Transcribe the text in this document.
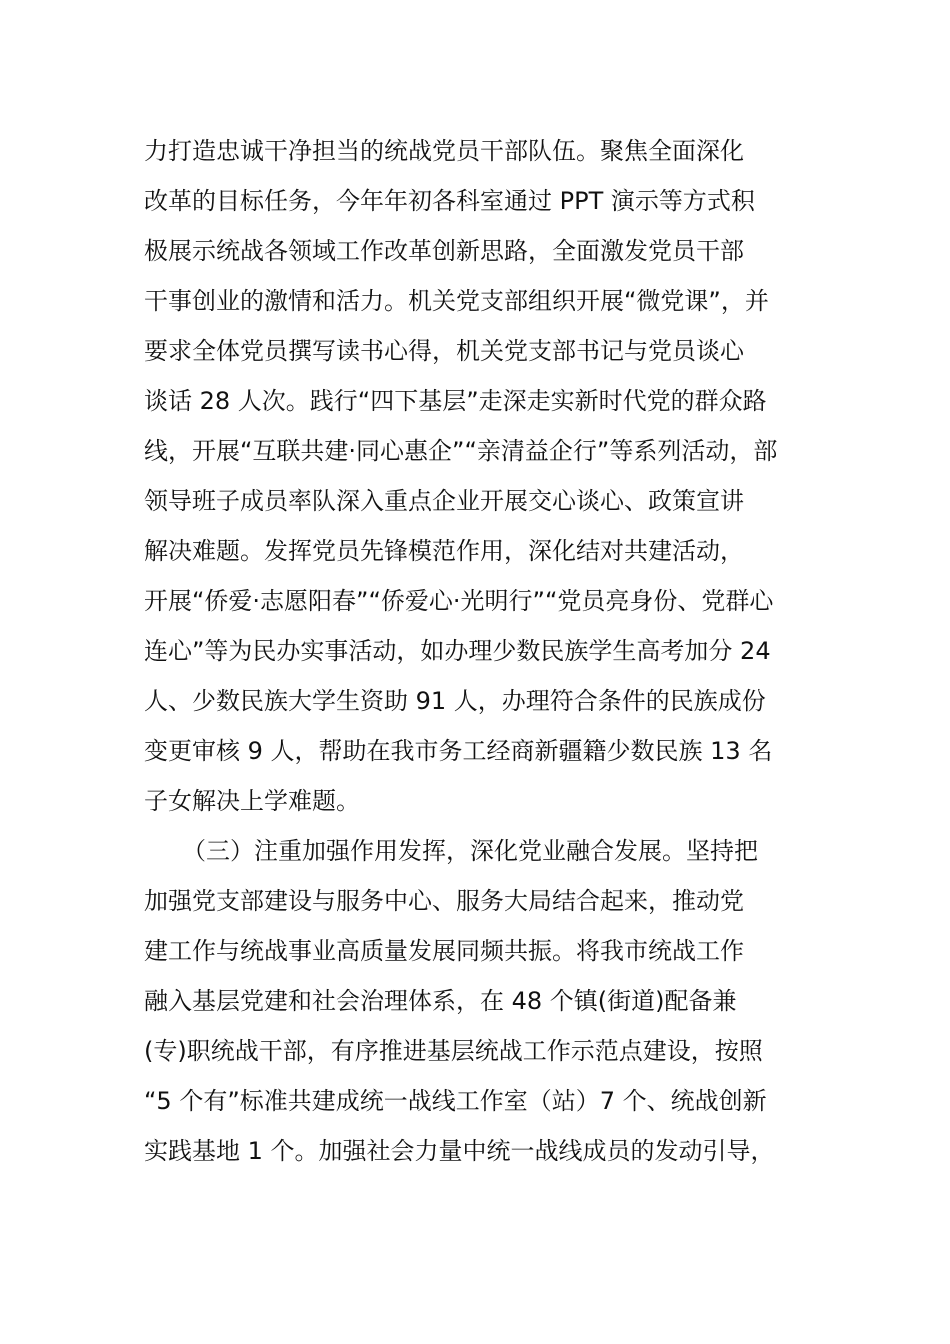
力打造忠诚干净担当的统战党员干部队伍。聚焦全面深化
改革的目标任务，今年年初各科室通过 PPT 演示等方式积
极展示统战各领域工作改革创新思路，全面激发党员干部
干事创业的激情和活力。机关党支部组织开展“微党课”，并
要求全体党员撰写读书心得，机关党支部书记与党员谈心
谈话 28 人次。践行“四下基层”走深走实新时代党的群众路
线，开展“互联共建·同心惠企”“亲清益企行”等系列活动，部
领导班子成员率队深入重点企业开展交心谈心、政策宣讲
解决难题。发挥党员先锋模范作用，深化结对共建活动，
开展“侨爱·志愿阳春”“侨爱心·光明行”“党员亮身份、党群心
连心”等为民办实事活动，如办理少数民族学生高考加分 24
人、少数民族大学生资助 91 人，办理符合条件的民族成份
变更审核 9 人，帮助在我市务工经商新疆籍少数民族 13 名
子女解决上学难题。
（三）注重加强作用发挥，深化党业融合发展。坚持把
加强党支部建设与服务中心、服务大局结合起来，推动党
建工作与统战事业高质量发展同频共振。将我市统战工作
融入基层党建和社会治理体系，在 48 个镇(街道)配备兼
(专)职统战干部，有序推进基层统战工作示范点建设，按照
“5 个有”标准共建成统一战线工作室（站）7 个、统战创新
实践基地 1 个。加强社会力量中统一战线成员的发动引导，
